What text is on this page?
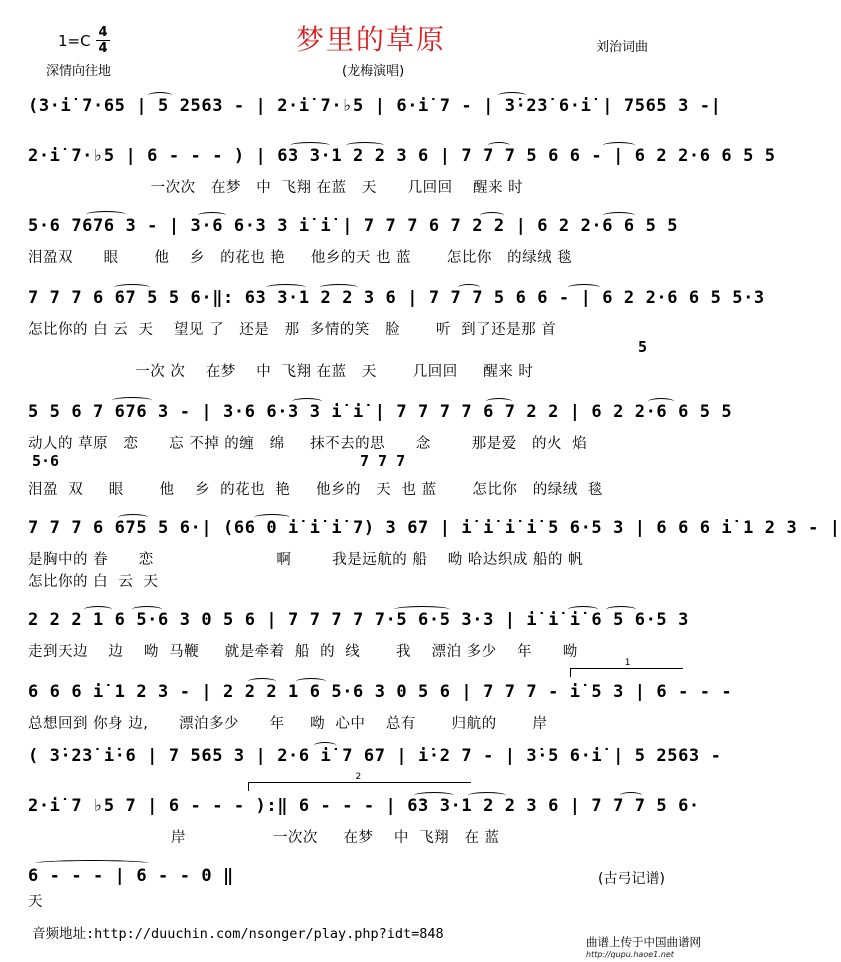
梦里的草原
1=C 4
4
深情向往地
刘治词曲
(龙梅演唱)
(3·i̇ 7·65 | 5 2563 - | 2·i̇ 7·♭5 | 6·i̇ 7 - | 3̇·23̇ 6·i̇ | 7565 3 -|
2·i̇ 7·♭5 | 6 - - - ) | 63 3·1 2 2 3 6 | 7 7 7 5 6 6 - | 6 2 2·6 6 5 5
一次次   在梦   中  飞翔 在蓝   天      几回回    醒来 时
5·6 7676 3 - | 3·6 6·3 3 i̇ i̇ | 7 7 7 6 7 2 2 | 6 2 2·6 6 5 5
泪盈双      眼       他    乡   的花也 艳     他乡的天 也 蓝       怎比你   的绿绒 毯
7 7 7 6 67 5 5 6·‖: 63 3·1 2 2 3 6 | 7 7 7 5 6 6 - | 6 2 2·6 6 5 5·3
怎比你的 白 云  天    望见 了   还是   那  多情的笑   脸       听  到了还是那 首
一次 次    在梦    中  飞翔 在蓝   天       几回回     醒来 时
5
5 5 6 7 676 3 - | 3·6 6·3 3 i̇ i̇ | 7 7 7 7 6 7 2 2 | 6 2 2·6 6 5 5
动人的 草原   恋      忘 不掉 的缠   绵     抹不去的思      念        那是爱   的火  焰
5·6	7 7 7
泪盈  双     眼       他    乡  的花也  艳     他乡的   天  也 蓝       怎比你   的绿绒  毯
7 7 7 6 675 5 6·| (66 0 i̇ i̇ i̇ 7) 3 67 | i̇ i̇ i̇ i̇ 5 6·5 3 | 6 6 6 i̇ 1 2 3 - |
是胸中的 眷      恋                        啊        我是远航的 船    呦 哈达织成 船的 帆
怎比你的 白  云  天
2 2 2 1 6 5·6 3 0 5 6 | 7 7 7 7 7·5 6·5 3·3 | i̇ i̇ i̇ 6 5 6·5 3
走到天边    边    呦  马鞭     就是牵着  船  的  线       我    漂泊 多少    年      呦
6 6 6 i̇ 1 2 3 - | 2 2 2 1 6 5·6 3 0 5 6 | 7 7 7 - i̇ 5 3 | 6 - - -
1
总想回到 你身 边,      漂泊多少      年     呦  心中    总有       归航的       岸
( 3̇·23̇ i̇·6 | 7 565 3 | 2·6 i̇ 7 67 | i̇·2 7 - | 3̇·5 6·i̇ | 5 2563 -
2·i̇ 7 ♭5 7 | 6 - - - ):‖ 6 - - - | 63 3·1 2 2 3 6 | 7 7 7 5 6·
2
岸                 一次次     在梦    中  飞翔   在 蓝
6 - - - | 6 - - 0 ‖
天
(古弓记谱)
音频地址:http://duuchin.com/nsonger/play.php?idt=848	曲谱上传于中国曲谱网
http://qupu.haoe1.net
